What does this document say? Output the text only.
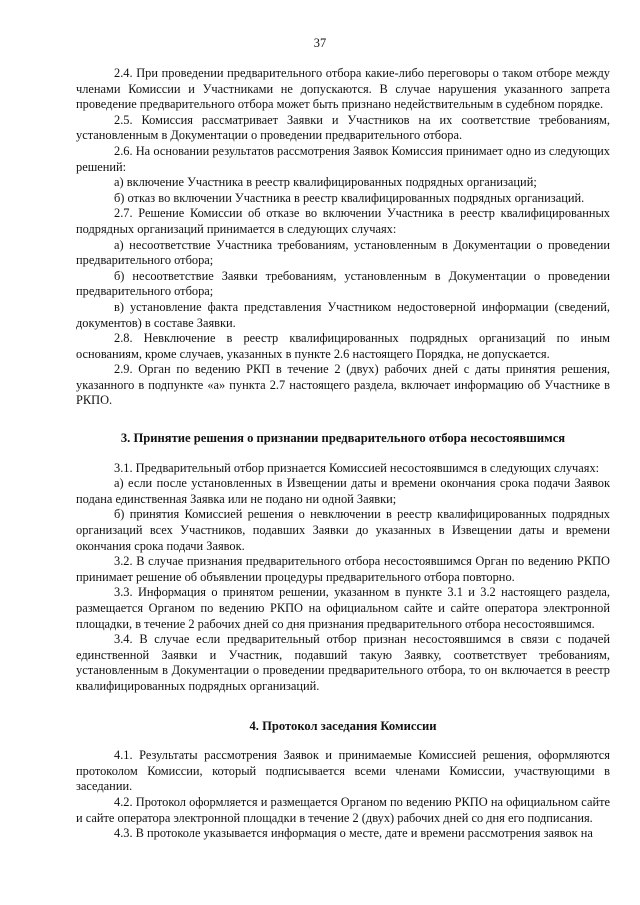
37

2.4. При проведении предварительного отбора какие-либо переговоры о таком отборе между членами Комиссии и Участниками не допускаются. В случае нарушения указанного запрета проведение предварительного отбора может быть признано недействительным в судебном порядке.

2.5. Комиссия рассматривает Заявки и Участников на их соответствие требованиям, установленным в Документации о проведении предварительного отбора.

2.6. На основании результатов рассмотрения Заявок Комиссия принимает одно из следующих решений:

а) включение Участника в реестр квалифицированных подрядных организаций;

б) отказ во включении Участника в реестр квалифицированных подрядных организаций.

2.7. Решение Комиссии об отказе во включении Участника в реестр квалифицированных подрядных организаций принимается в следующих случаях:

а) несоответствие Участника требованиям, установленным в Документации о проведении предварительного отбора;

б) несоответствие Заявки требованиям, установленным в Документации о проведении предварительного отбора;

в) установление факта представления Участником недостоверной информации (сведений, документов) в составе Заявки.

2.8. Невключение в реестр квалифицированных подрядных организаций по иным основаниям, кроме случаев, указанных в пункте 2.6 настоящего Порядка, не допускается.

2.9. Орган по ведению РКП в течение 2 (двух) рабочих дней с даты принятия решения, указанного в подпункте «а» пункта 2.7 настоящего раздела, включает информацию об Участнике в РКПО.

3. Принятие решения о признании предварительного отбора несостоявшимся

3.1. Предварительный отбор признается Комиссией несостоявшимся в следующих случаях:

а) если после установленных в Извещении даты и времени окончания срока подачи Заявок подана единственная Заявка или не подано ни одной Заявки;

б) принятия Комиссией решения о невключении в реестр квалифицированных подрядных организаций всех Участников, подавших Заявки до указанных в Извещении даты и времени окончания срока подачи Заявок.

3.2. В случае признания предварительного отбора несостоявшимся Орган по ведению РКПО принимает решение об объявлении процедуры предварительного отбора повторно.

3.3. Информация о принятом решении, указанном в пункте 3.1 и 3.2 настоящего раздела, размещается Органом по ведению РКПО на официальном сайте и сайте оператора электронной площадки, в течение 2 рабочих дней со дня признания предварительного отбора несостоявшимся.

3.4. В случае если предварительный отбор признан несостоявшимся в связи с подачей единственной Заявки и Участник, подавший такую Заявку, соответствует требованиям, установленным в Документации о проведении предварительного отбора, то он включается в реестр квалифицированных подрядных организаций.

4. Протокол заседания Комиссии

4.1. Результаты рассмотрения Заявок и принимаемые Комиссией решения, оформляются протоколом Комиссии, который подписывается всеми членами Комиссии, участвующими в заседании.

4.2. Протокол оформляется и размещается Органом по ведению РКПО на официальном сайте и сайте оператора электронной площадки в течение 2 (двух) рабочих дней со дня его подписания.

4.3. В протоколе указывается информация о месте, дате и времени рассмотрения заявок на
